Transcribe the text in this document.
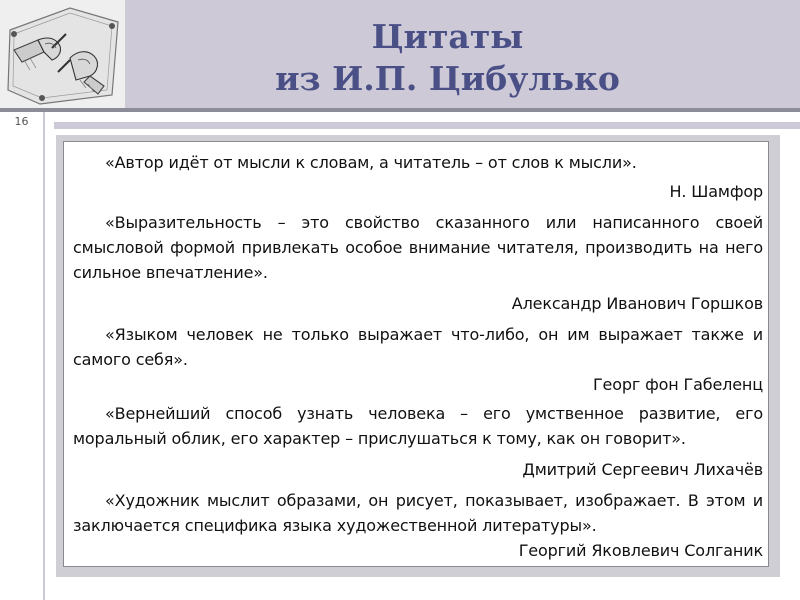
Цитаты
из И.П. Цибулько
16

«Автор идёт от мысли к словам, а читатель – от слов к мысли».

Н. Шамфор

«Выразительность – это свойство сказанного или написанного своей смысловой формой привлекать особое внимание читателя, производить на него сильное впечатление».

Александр Иванович Горшков

«Языком человек не только выражает что-либо, он им выражает также и самого себя».

Георг фон Габеленц

«Вернейший способ узнать человека – его умственное развитие, его моральный облик, его характер – прислушаться к тому, как он говорит».

Дмитрий Сергеевич Лихачёв

«Художник мыслит образами, он рисует, показывает, изображает. В этом и заключается специфика языка художественной литературы».

Георгий Яковлевич Солганик
